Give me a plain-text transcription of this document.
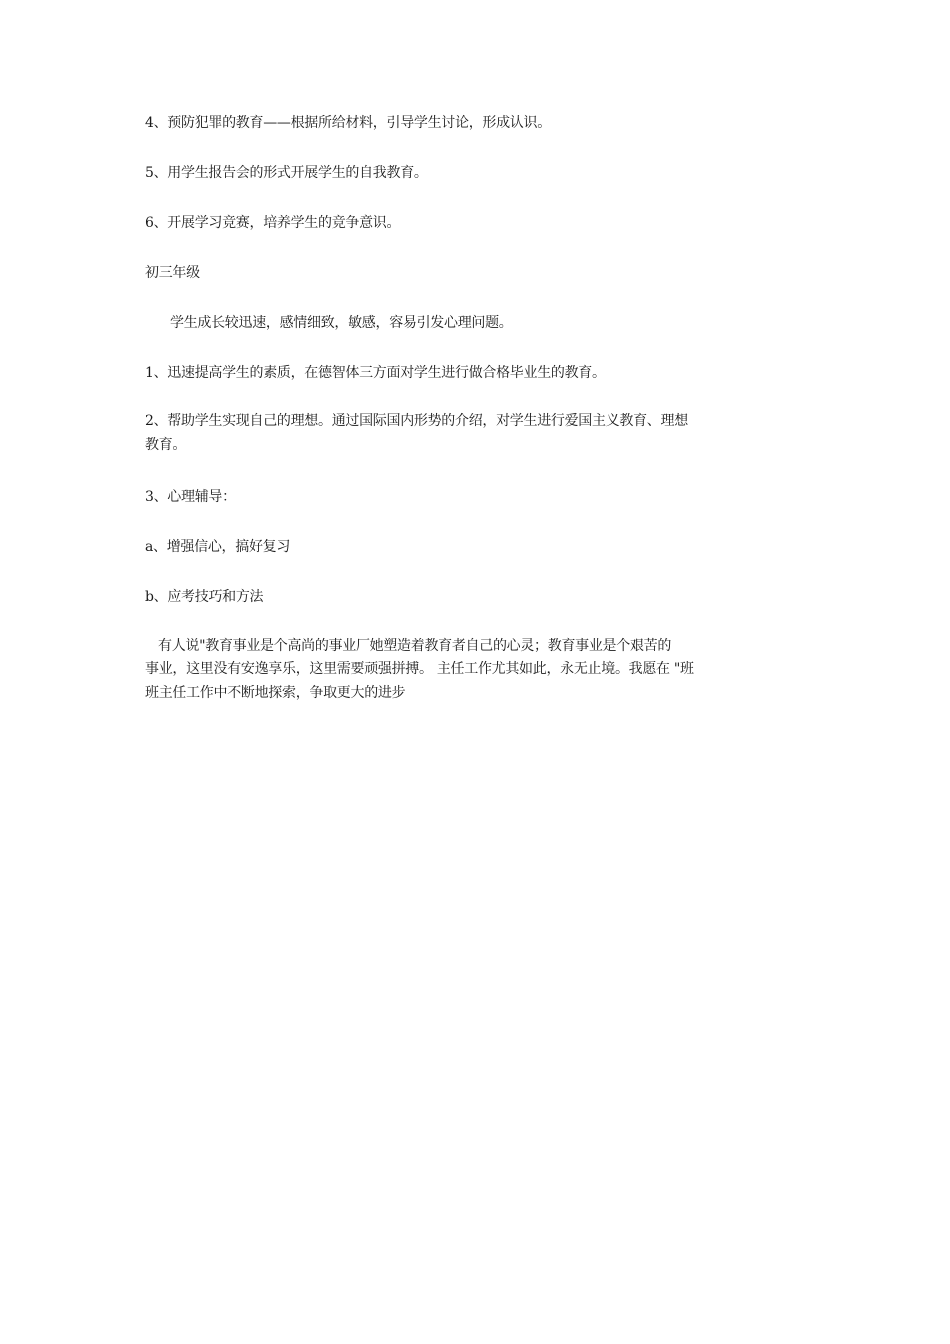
4、预防犯罪的教育——根据所给材料，引导学生讨论，形成认识。
5、用学生报告会的形式开展学生的自我教育。
6、开展学习竞赛，培养学生的竞争意识。
初三年级
学生成长较迅速，感情细致，敏感，容易引发心理问题。
1、迅速提高学生的素质，在德智体三方面对学生进行做合格毕业生的教育。
2、帮助学生实现自己的理想。通过国际国内形势的介绍，对学生进行爱国主义教育、理想
教育。
3、心理辅导：
a、增强信心，搞好复习
b、应考技巧和方法
有人说"教育事业是个高尚的事业厂她塑造着教育者自己的心灵；教育事业是个艰苦的
事业，这里没有安逸享乐，这里需要顽强拼搏。 主任工作尤其如此，永无止境。我愿在 "班
班主任工作中不断地探索，争取更大的进步
